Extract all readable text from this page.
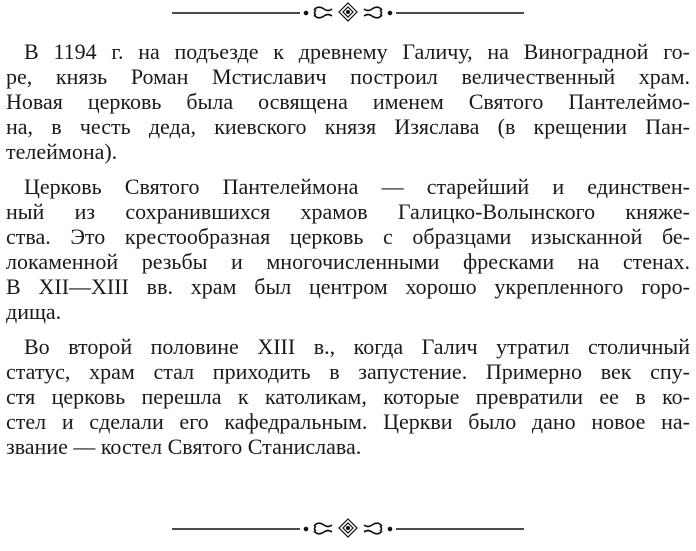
В 1194 г. на подъезде к древнему Галичу, на Виноградной го-
ре, князь Роман Мстиславич построил величественный храм.
Новая церковь была освящена именем Святого Пантелеймо-
на, в честь деда, киевского князя Изяслава (в крещении Пан-
телеймона).

Церковь Святого Пантелеймона — старейший и единствен-
ный из сохранившихся храмов Галицко-Волынского княже-
ства. Это крестообразная церковь с образцами изысканной бе-
локаменной резьбы и многочисленными фресками на стенах.
В XII—XIII вв. храм был центром хорошо укрепленного горо-
дища.

Во второй половине XIII в., когда Галич утратил столичный
статус, храм стал приходить в запустение. Примерно век спу-
стя церковь перешла к католикам, которые превратили ее в ко-
стел и сделали его кафедральным. Церкви было дано новое на-
звание — костел Святого Станислава.
